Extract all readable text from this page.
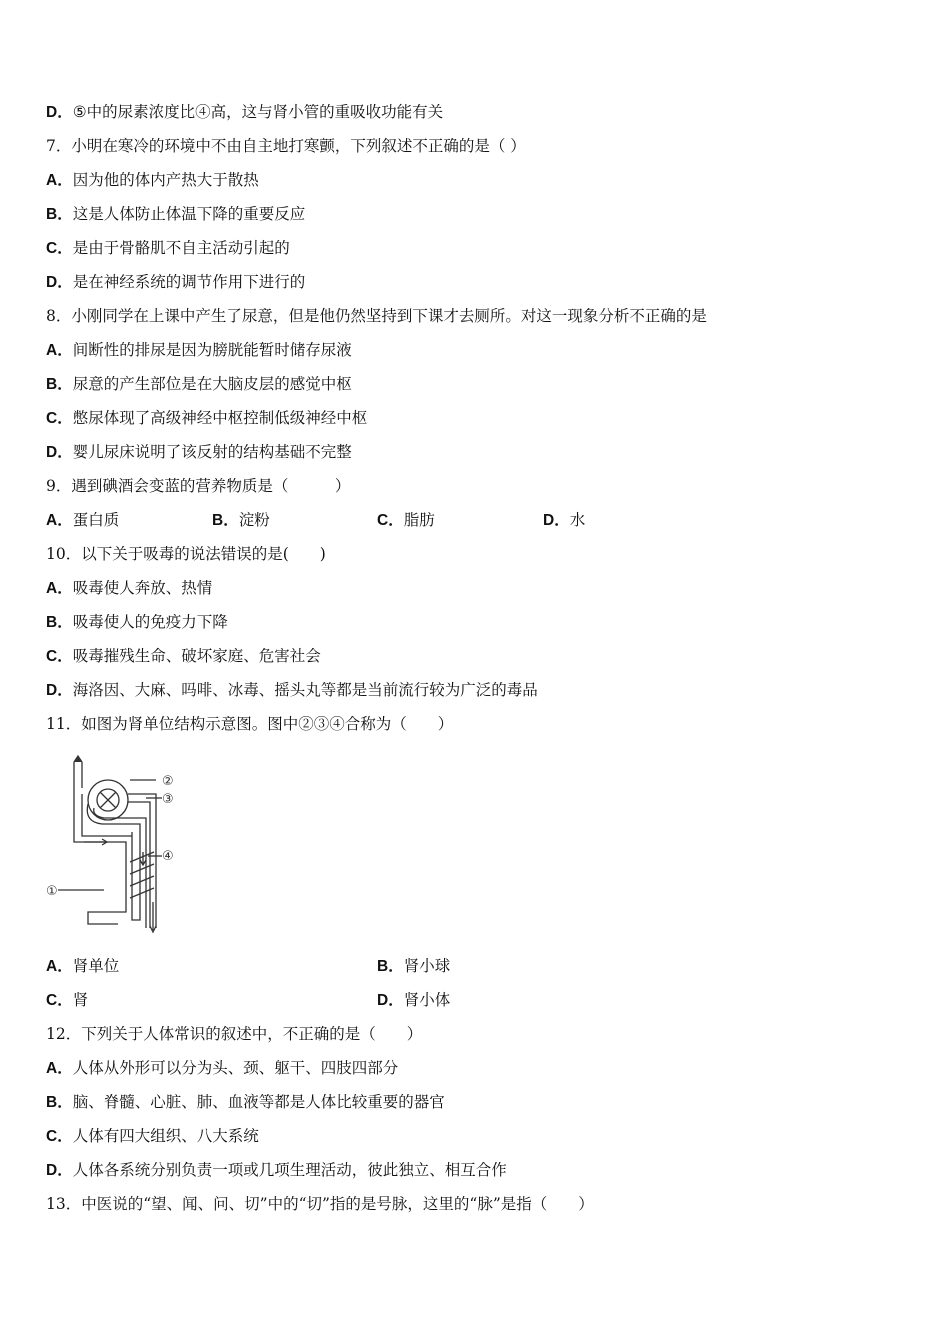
D．⑤中的尿素浓度比④高，这与肾小管的重吸收功能有关
7．小明在寒冷的环境中不由自主地打寒颤，下列叙述不正确的是（ ）
A．因为他的体内产热大于散热
B．这是人体防止体温下降的重要反应
C．是由于骨骼肌不自主活动引起的
D．是在神经系统的调节作用下进行的
8．小刚同学在上课中产生了尿意，但是他仍然坚持到下课才去厕所。对这一现象分析不正确的是
A．间断性的排尿是因为膀胱能暂时储存尿液
B．尿意的产生部位是在大脑皮层的感觉中枢
C．憋尿体现了高级神经中枢控制低级神经中枢
D．婴儿尿床说明了该反射的结构基础不完整
9．遇到碘酒会变蓝的营养物质是（　　　）
A．蛋白质	B．淀粉	C．脂肪	D．水
10．以下关于吸毒的说法错误的是(　　)
A．吸毒使人奔放、热情
B．吸毒使人的免疫力下降
C．吸毒摧残生命、破坏家庭、危害社会
D．海洛因、大麻、吗啡、冰毒、摇头丸等都是当前流行较为广泛的毒品
11．如图为肾单位结构示意图。图中②③④合称为（　　）
②
③
④
①
A．肾单位	B．肾小球
C．肾	D．肾小体
12．下列关于人体常识的叙述中，不正确的是（　　）
A．人体从外形可以分为头、颈、躯干、四肢四部分
B．脑、脊髓、心脏、肺、血液等都是人体比较重要的器官
C．人体有四大组织、八大系统
D．人体各系统分别负责一项或几项生理活动，彼此独立、相互合作
13．中医说的“望、闻、问、切”中的“切”指的是号脉，这里的“脉”是指（　　）
